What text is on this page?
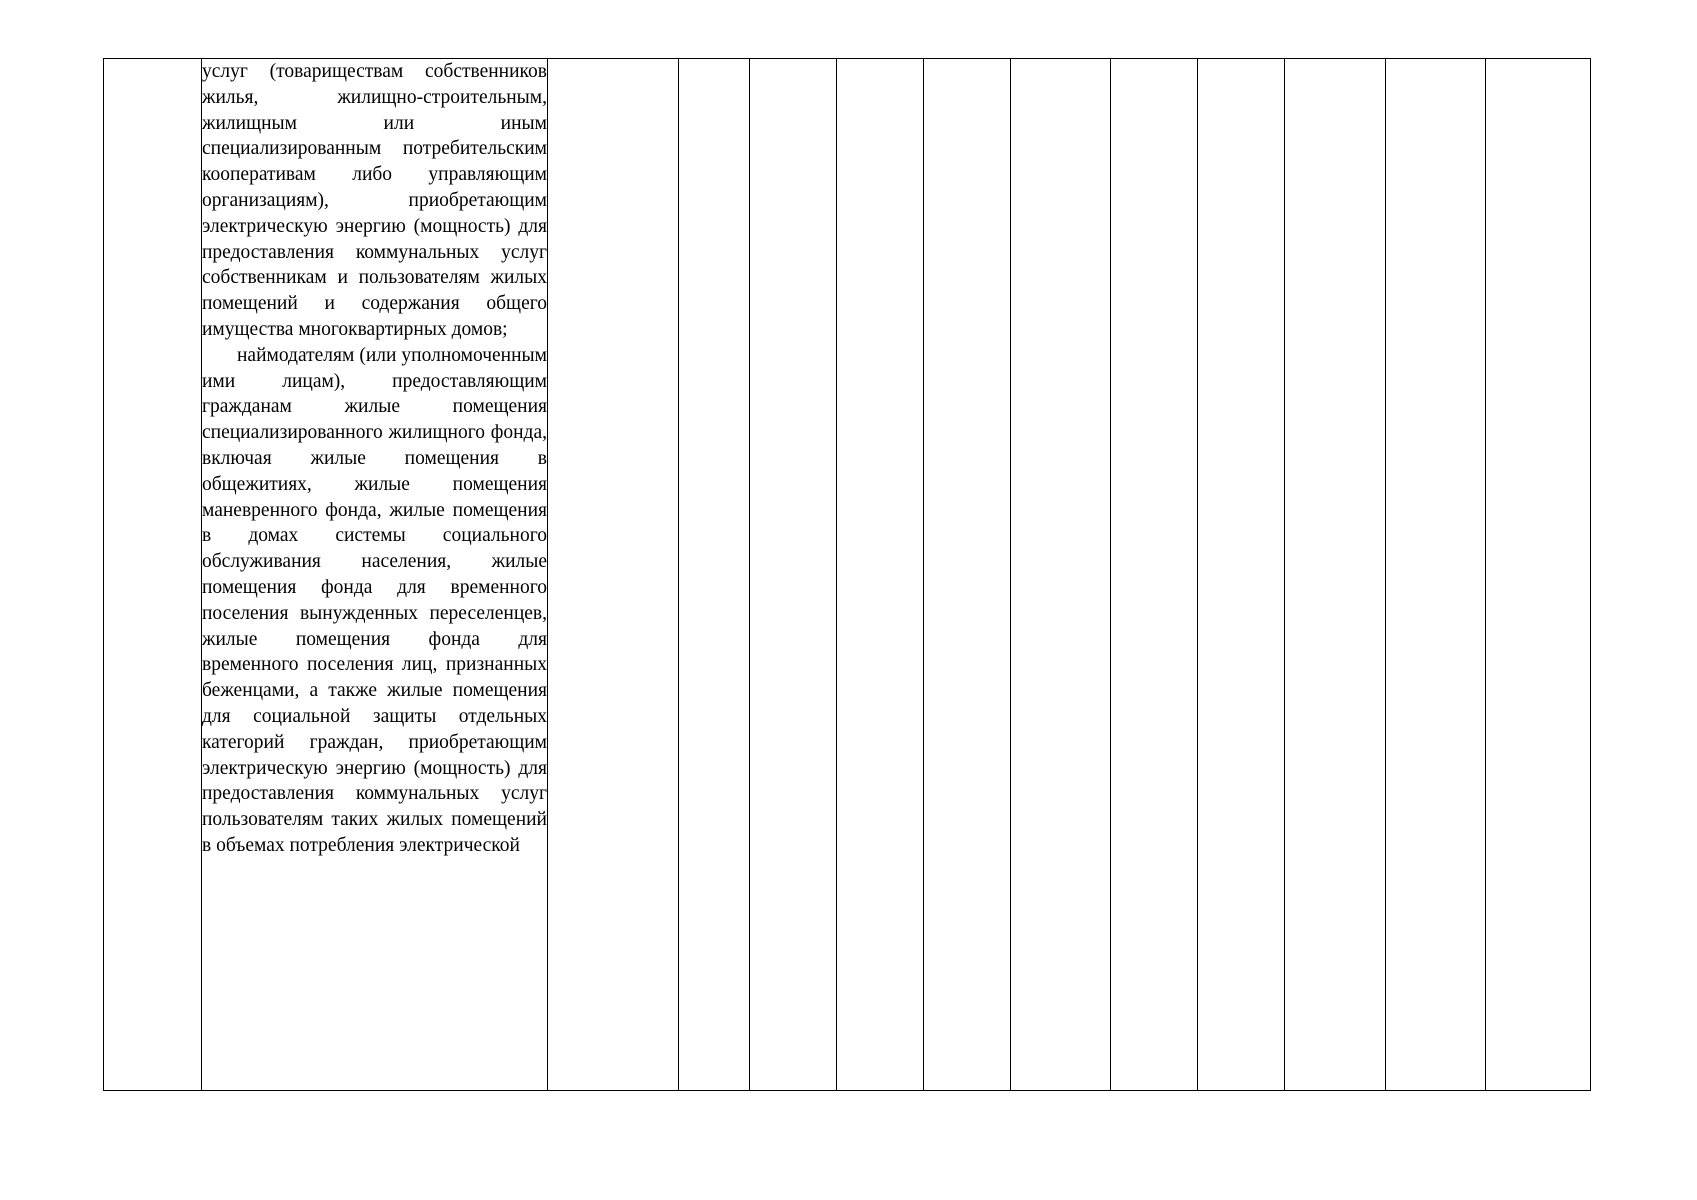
услуг (товариществам собственников жилья, жилищно-строительным, жилищным или иным специализированным потребительским кооперативам либо управляющим организациям), приобретающим электрическую энергию (мощность) для предоставления коммунальных услуг собственникам и пользователям жилых помещений и содержания общего имущества многоквартирных домов;

наймодателям (или уполномоченным ими лицам), предоставляющим гражданам жилые помещения специализированного жилищного фонда, включая жилые помещения в общежитиях, жилые помещения маневренного фонда, жилые помещения в домах системы социального обслуживания населения, жилые помещения фонда для временного поселения вынужденных переселенцев, жилые помещения фонда для временного поселения лиц, признанных беженцами, а также жилые помещения для социальной защиты отдельных категорий граждан, приобретающим электрическую энергию (мощность) для предоставления коммунальных услуг пользователям таких жилых помещений в объемах потребления электрической
